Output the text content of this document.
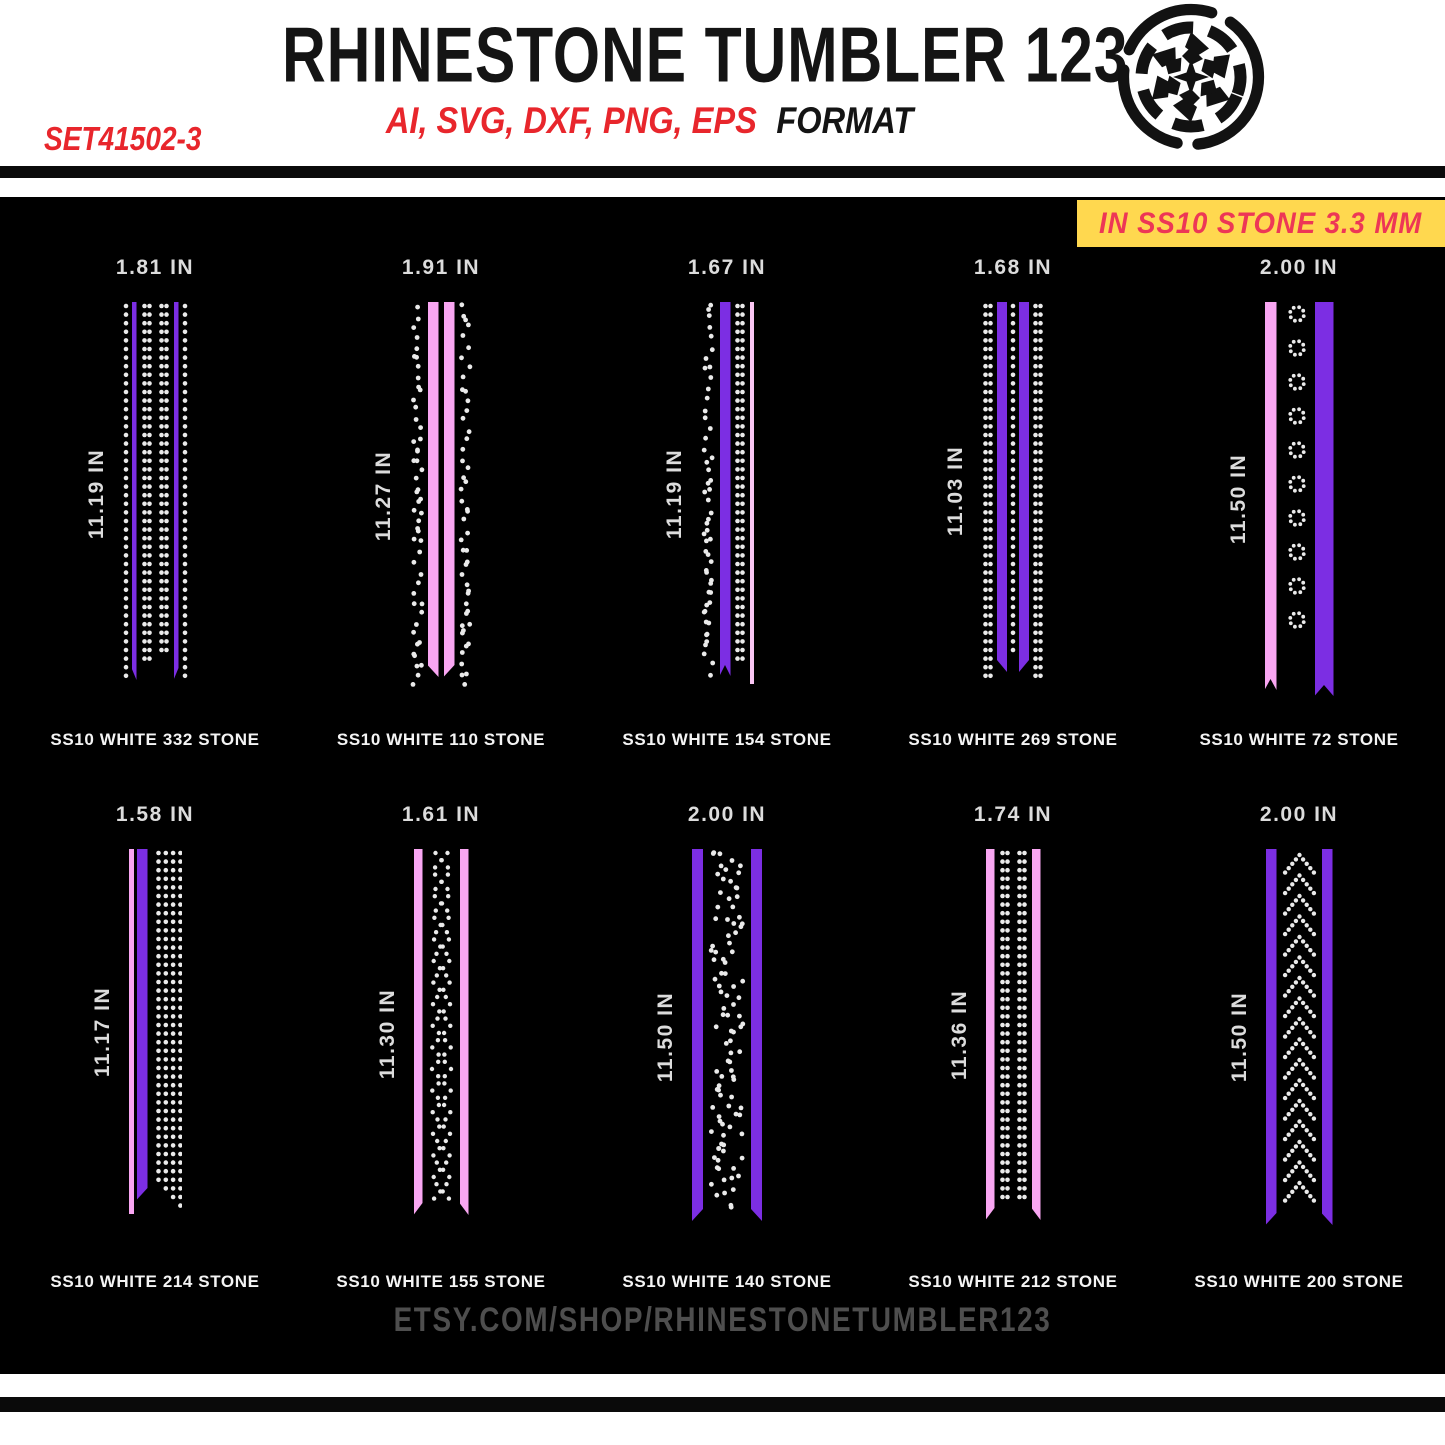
RHINESTONE TUMBLER 123
AI, SVG, DXF, PNG, EPS FORMAT
SET41502-3
IN SS10 STONE 3.3 MM
1.81 IN
11.19 IN
SS10 WHITE 332 STONE
1.91 IN
11.27 IN
SS10 WHITE 110 STONE
1.67 IN
11.19 IN
SS10 WHITE 154 STONE
1.68 IN
11.03 IN
SS10 WHITE 269 STONE
2.00 IN
11.50 IN
SS10 WHITE 72 STONE
1.58 IN
11.17 IN
SS10 WHITE 214 STONE
1.61 IN
11.30 IN
SS10 WHITE 155 STONE
2.00 IN
11.50 IN
SS10 WHITE 140 STONE
1.74 IN
11.36 IN
SS10 WHITE 212 STONE
2.00 IN
11.50 IN
SS10 WHITE 200 STONE
ETSY.COM/SHOP/RHINESTONETUMBLER123
